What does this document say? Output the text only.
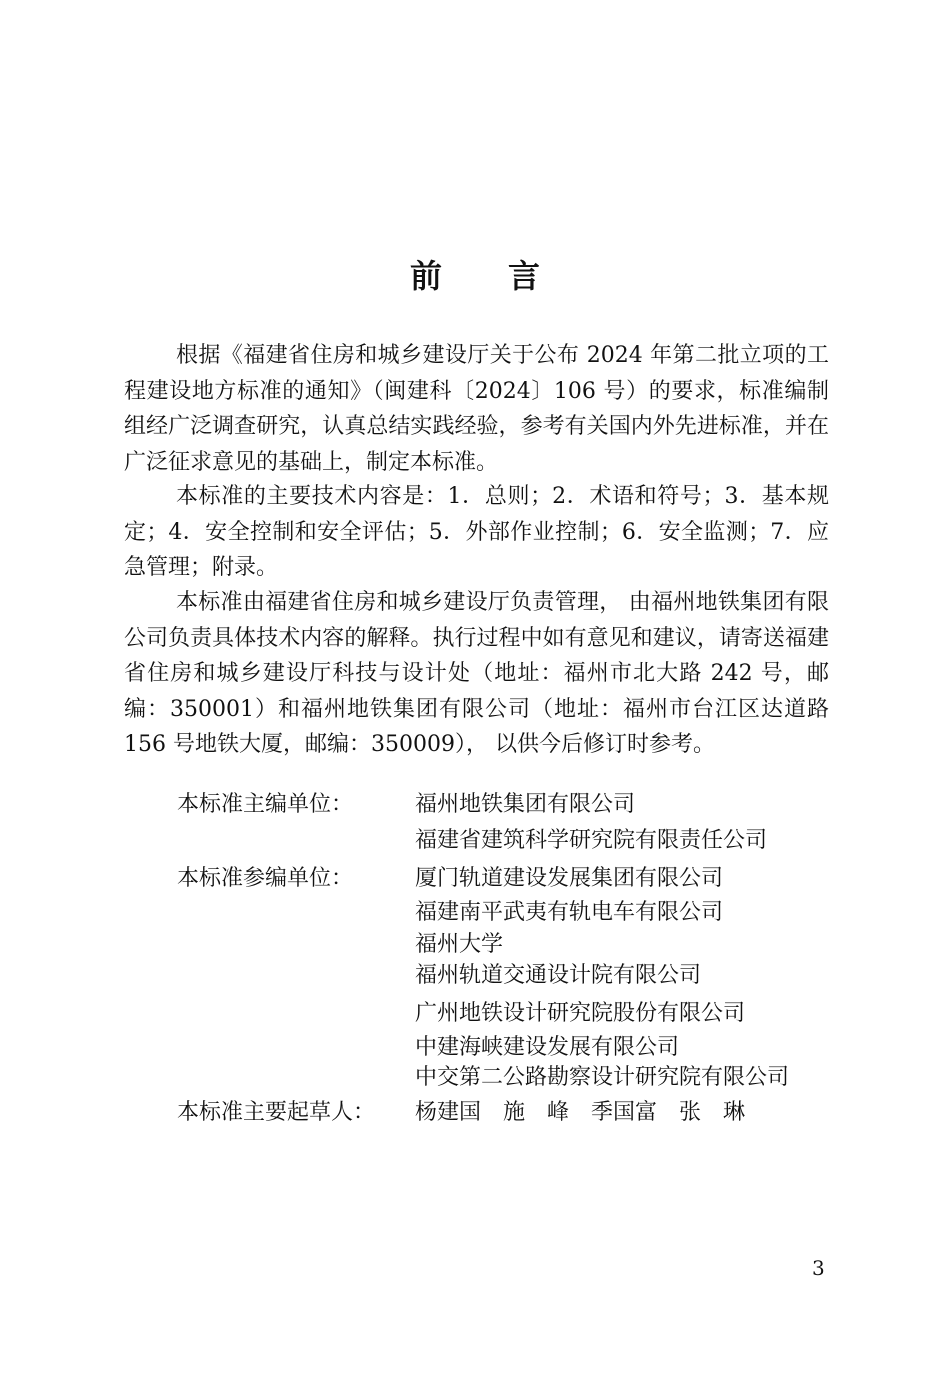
前言

根据《福建省住房和城乡建设厅关于公布 2024 年第二批立项的工程建设地方标准的通知》（闽建科〔2024〕106 号）的要求，标准编制组经广泛调查研究，认真总结实践经验，参考有关国内外先进标准，并在广泛征求意见的基础上，制定本标准。

本标准的主要技术内容是：1．总则；2．术语和符号；3．基本规定；4．安全控制和安全评估；5．外部作业控制；6．安全监测；7．应急管理；附录。

本标准由福建省住房和城乡建设厅负责管理， 由福州地铁集团有限公司负责具体技术内容的解释。执行过程中如有意见和建议，请寄送福建省住房和城乡建设厅科技与设计处（地址：福州市北大路 242 号，邮编：350001）和福州地铁集团有限公司（地址：福州市台江区达道路 156 号地铁大厦，邮编：350009）， 以供今后修订时参考。

本标准主编单位：	福州地铁集团有限公司
福建省建筑科学研究院有限责任公司
本标准参编单位：	厦门轨道建设发展集团有限公司
福建南平武夷有轨电车有限公司
福州大学
福州轨道交通设计院有限公司
广州地铁设计研究院股份有限公司
中建海峡建设发展有限公司
中交第二公路勘察设计研究院有限公司
本标准主要起草人： 杨建国　施　峰　季国富　张　琳
3
